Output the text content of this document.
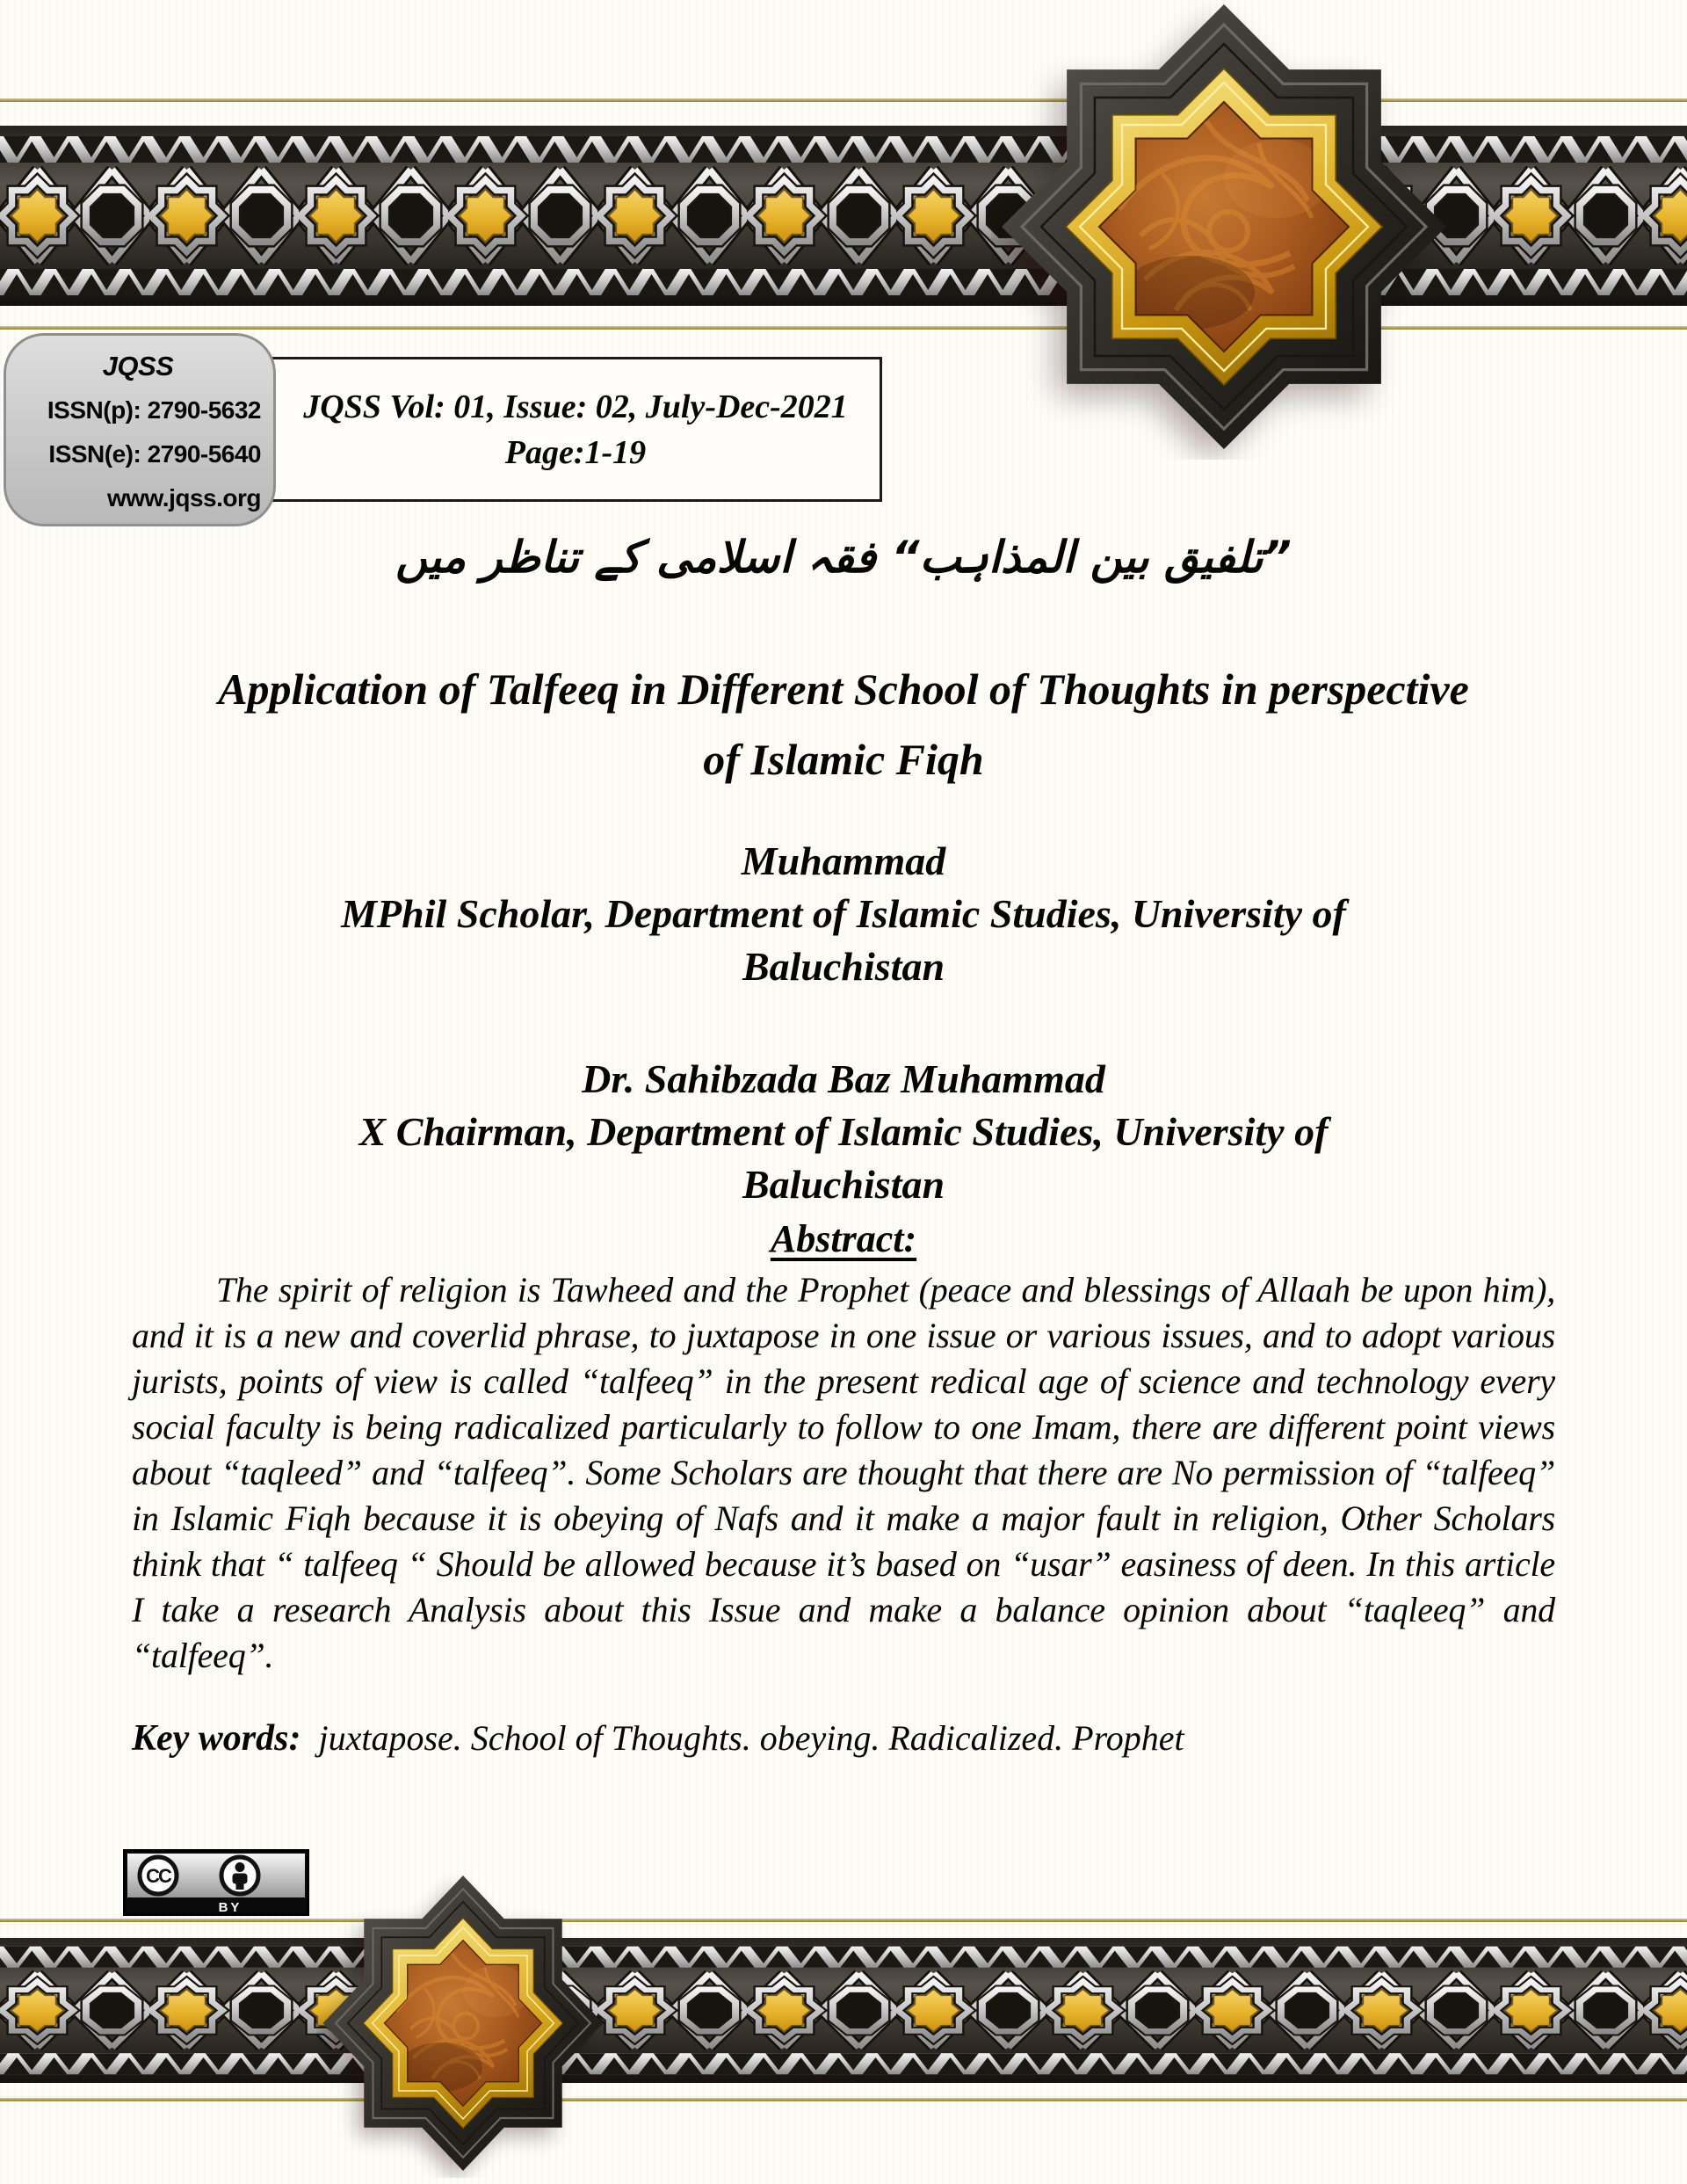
JQSS
ISSN(p): 2790-5632
ISSN(e): 2790-5640
www.jqss.org
JQSS Vol: 01, Issue: 02, July-Dec-2021
Page:1-19
”تلفیق بین المذاہب“ فقہ اسلامی کے تناظر میں
Application of Talfeeq in Different School of Thoughts in perspective
of Islamic Fiqh
Muhammad
MPhil Scholar, Department of Islamic Studies, University of
Baluchistan
Dr. Sahibzada Baz Muhammad
X Chairman, Department of Islamic Studies, University of
Baluchistan
Abstract:
The spirit of religion is Tawheed and the Prophet (peace and blessings of Allaah be upon him), and it is a new and coverlid phrase, to juxtapose in one issue or various issues, and to adopt various jurists, points of view is called “talfeeq” in the present redical age of science and technology every social faculty is being radicalized particularly to follow to one Imam, there are different point views about “taqleed” and “talfeeq”. Some Scholars are thought that there are No permission of “talfeeq” in Islamic Fiqh because it is obeying of Nafs and it make a major fault in religion, Other Scholars think that “ talfeeq “ Should be allowed because it’s based on “usar” easiness of deen. In this article I take a research Analysis about this Issue and make a balance opinion about “taqleeq” and “talfeeq”.
Key words: juxtapose. School of Thoughts. obeying. Radicalized. Prophet
CC
BY
